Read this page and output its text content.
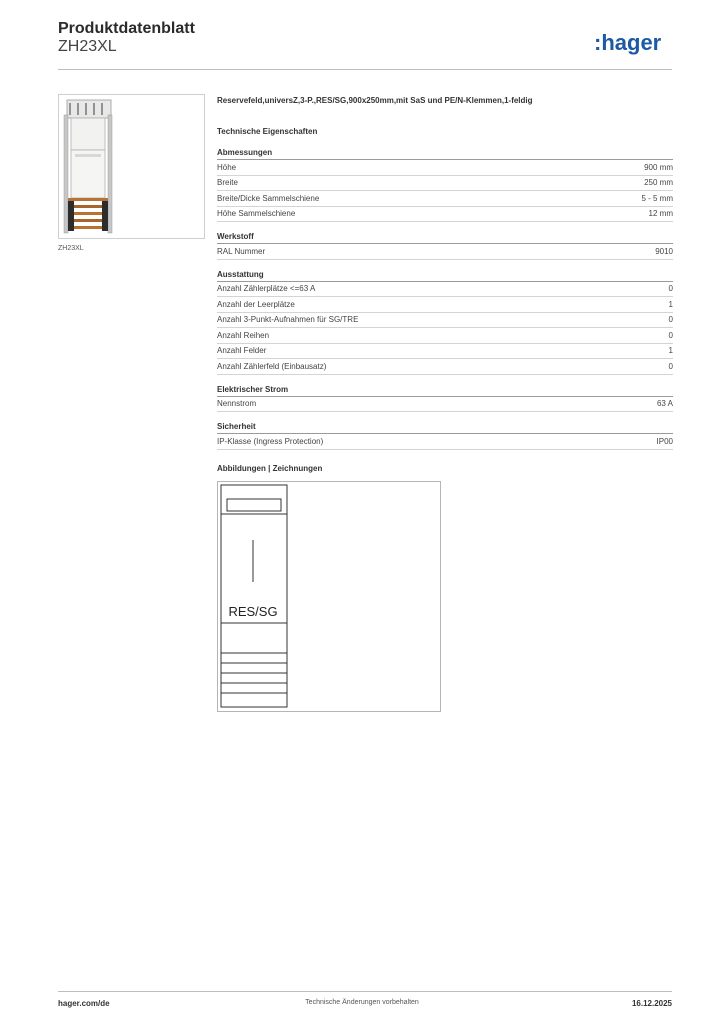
Produktdatenblatt
ZH23XL	:hager
ZH23XL
Reservefeld,universZ,3-P.,RES/SG,900x250mm,mit SaS und PE/N-Klemmen,1-feldig
Technische Eigenschaften
Abmessungen
Höhe	900 mm
Breite	250 mm
Breite/Dicke Sammelschiene	5 - 5 mm
Höhe Sammelschiene	12 mm
Werkstoff
RAL Nummer	9010
Ausstattung
Anzahl Zählerplätze <=63 A	0
Anzahl der Leerplätze	1
Anzahl 3-Punkt-Aufnahmen für SG/TRE	0
Anzahl Reihen	0
Anzahl Felder	1
Anzahl Zählerfeld (Einbausatz)	0
Elektrischer Strom
Nennstrom	63 A
Sicherheit
IP-Klasse (Ingress Protection)	IP00
Abbildungen | Zeichnungen
RES/SG
hager.com/de	Technische Änderungen vorbehalten	16.12.2025
